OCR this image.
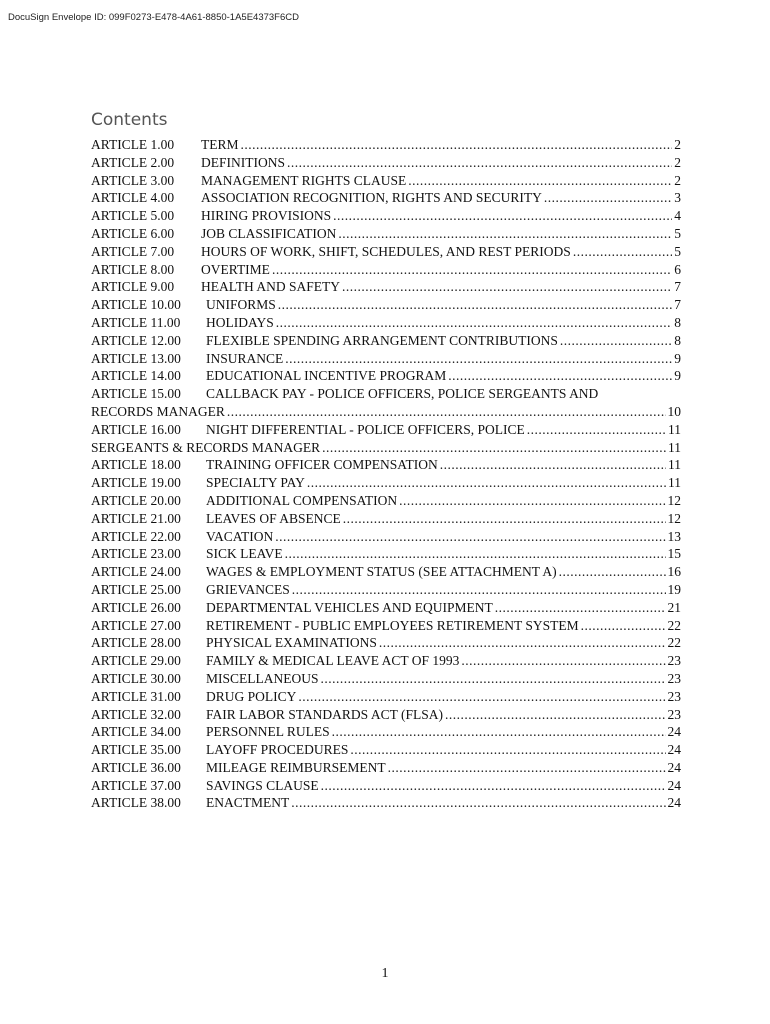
DocuSign Envelope ID: 099F0273-E478-4A61-8850-1A5E4373F6CD
Contents
ARTICLE 1.00	TERM .....	2
ARTICLE 2.00	DEFINITIONS .....	2
ARTICLE 3.00	MANAGEMENT RIGHTS CLAUSE .....	2
ARTICLE 4.00	ASSOCIATION RECOGNITION, RIGHTS AND SECURITY .....	3
ARTICLE 5.00	HIRING PROVISIONS .....	4
ARTICLE 6.00	JOB CLASSIFICATION .....	5
ARTICLE 7.00	HOURS OF WORK, SHIFT, SCHEDULES, AND REST PERIODS .....	5
ARTICLE 8.00	OVERTIME .....	6
ARTICLE 9.00	HEALTH AND SAFETY .....	7
ARTICLE 10.00	UNIFORMS .....	7
ARTICLE 11.00	HOLIDAYS .....	8
ARTICLE 12.00	FLEXIBLE SPENDING ARRANGEMENT CONTRIBUTIONS .....	8
ARTICLE 13.00	INSURANCE .....	9
ARTICLE 14.00	EDUCATIONAL INCENTIVE PROGRAM .....	9
ARTICLE 15.00	CALLBACK PAY - POLICE OFFICERS, POLICE SERGEANTS AND
RECORDS MANAGER .....	10
ARTICLE 16.00	NIGHT DIFFERENTIAL - POLICE OFFICERS, POLICE .....	11
SERGEANTS & RECORDS MANAGER .....	11
ARTICLE 18.00	TRAINING OFFICER COMPENSATION .....	11
ARTICLE 19.00	SPECIALTY PAY .....	11
ARTICLE 20.00	ADDITIONAL COMPENSATION .....	12
ARTICLE 21.00	LEAVES OF ABSENCE .....	12
ARTICLE 22.00	VACATION .....	13
ARTICLE 23.00	SICK LEAVE .....	15
ARTICLE 24.00	WAGES & EMPLOYMENT STATUS (SEE ATTACHMENT A) .....	16
ARTICLE 25.00	GRIEVANCES .....	19
ARTICLE 26.00	DEPARTMENTAL VEHICLES AND EQUIPMENT .....	21
ARTICLE 27.00	RETIREMENT - PUBLIC EMPLOYEES RETIREMENT SYSTEM .....	22
ARTICLE 28.00	PHYSICAL EXAMINATIONS .....	22
ARTICLE 29.00	FAMILY & MEDICAL LEAVE ACT OF 1993 .....	23
ARTICLE 30.00	MISCELLANEOUS .....	23
ARTICLE 31.00	DRUG POLICY .....	23
ARTICLE 32.00	FAIR LABOR STANDARDS ACT (FLSA) .....	23
ARTICLE 34.00	PERSONNEL RULES .....	24
ARTICLE 35.00	LAYOFF PROCEDURES .....	24
ARTICLE 36.00	MILEAGE REIMBURSEMENT .....	24
ARTICLE 37.00	SAVINGS CLAUSE .....	24
ARTICLE 38.00	ENACTMENT .....	24
1
